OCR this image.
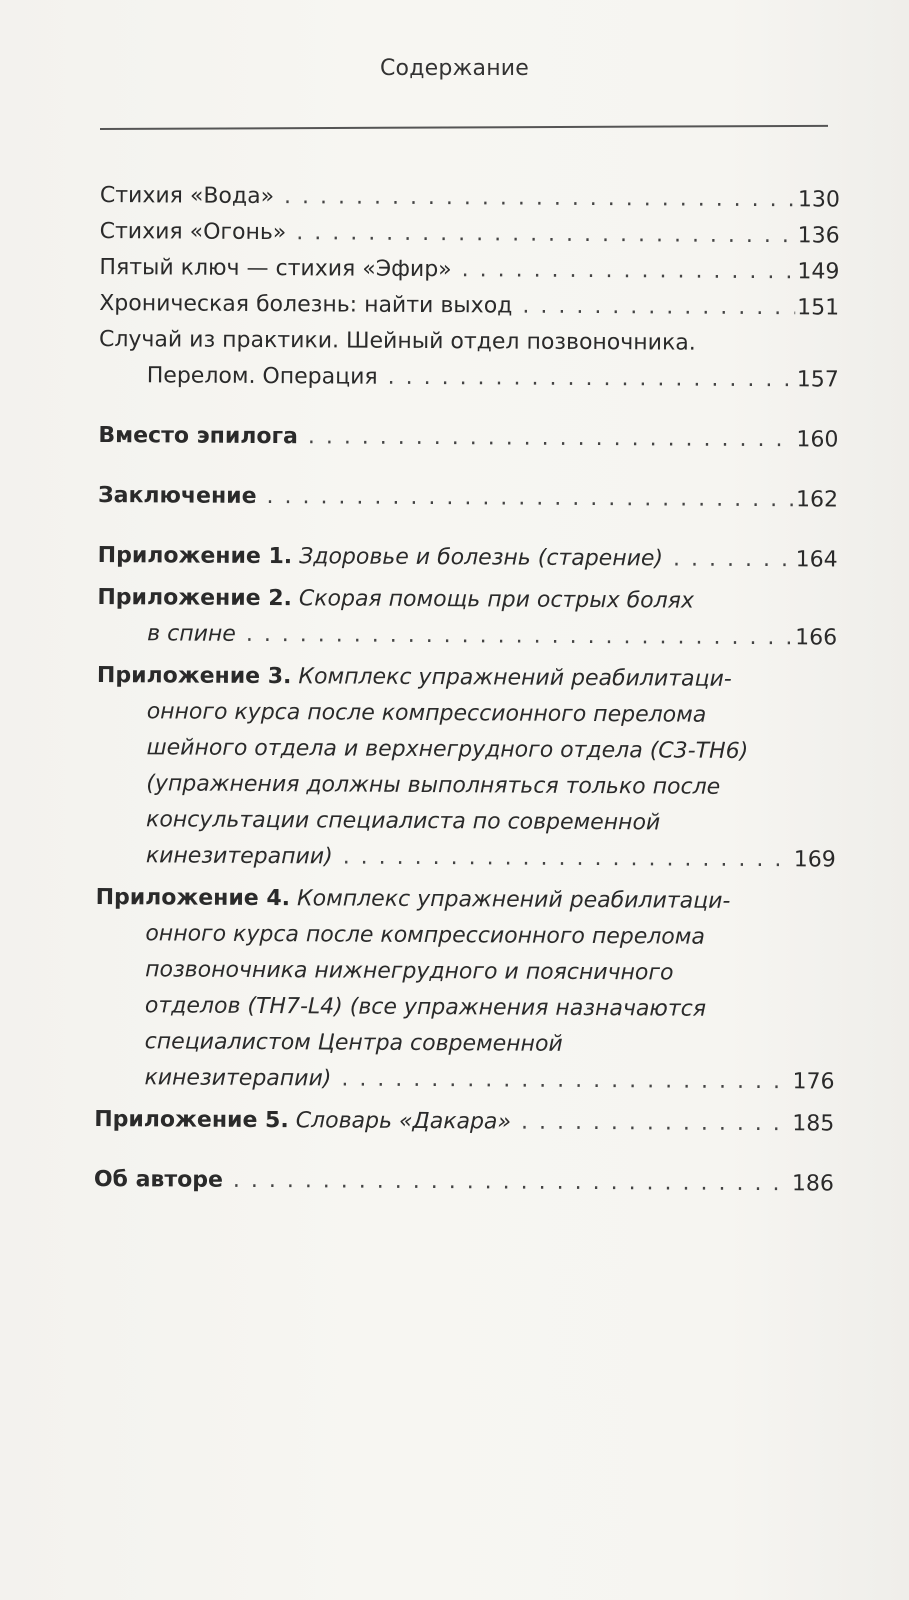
Содержание
Стихия «Вода» . . .	130
Стихия «Огонь» . . .	136
Пятый ключ — стихия «Эфир» . . .	149
Хроническая болезнь: найти выход . . .	151
Случай из практики. Шейный отдел позвоночника.
Перелом. Операция . . .	157
Вместо эпилога . . .	160
Заключение . . .	162
Приложение 1. Здоровье и болезнь (старение) . . .	164
Приложение 2. Скорая помощь при острых болях
в спине . . .	166
Приложение 3. Комплекс упражнений реабилитаци-
онного курса после компрессионного перелома
шейного отдела и верхнегрудного отдела (С3-ТН6)
(упражнения должны выполняться только после
консультации специалиста по современной
кинезитерапии) . . .	169
Приложение 4. Комплекс упражнений реабилитаци-
онного курса после компрессионного перелома
позвоночника нижнегрудного и поясничного
отделов (ТН7-L4) (все упражнения назначаются
специалистом Центра современной
кинезитерапии) . . .	176
Приложение 5. Словарь «Дакара» . . .	185
Об авторе . . .	186
